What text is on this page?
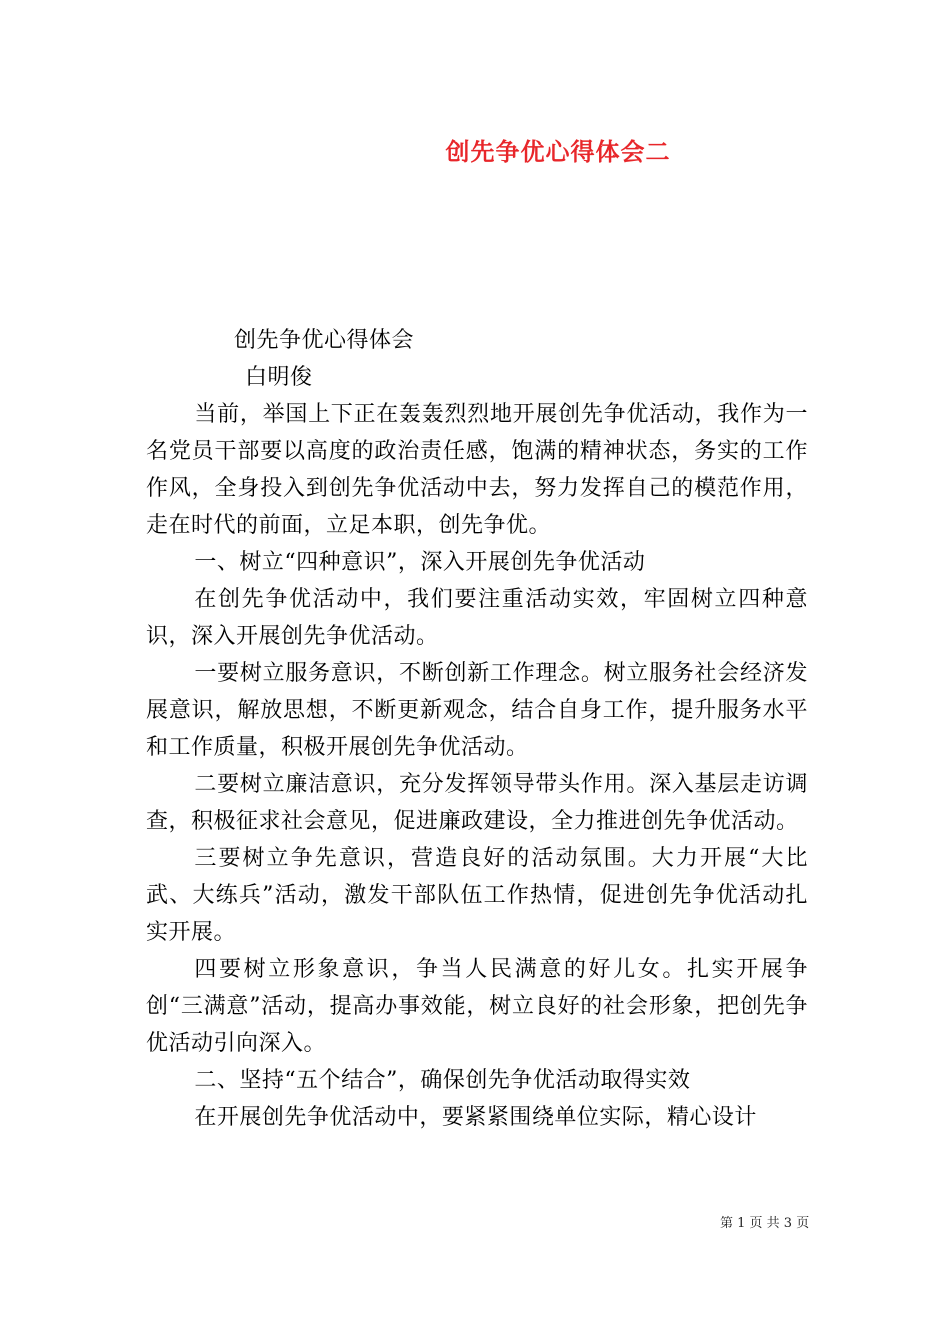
创先争优心得体会二

创先争优心得体会

白明俊

当前，举国上下正在轰轰烈烈地开展创先争优活动，我作为一名党员干部要以高度的政治责任感，饱满的精神状态，务实的工作作风，全身投入到创先争优活动中去，努力发挥自己的模范作用，走在时代的前面，立足本职，创先争优。

一、树立“四种意识”，深入开展创先争优活动

在创先争优活动中，我们要注重活动实效，牢固树立四种意识，深入开展创先争优活动。

一要树立服务意识，不断创新工作理念。树立服务社会经济发展意识，解放思想，不断更新观念，结合自身工作，提升服务水平和工作质量，积极开展创先争优活动。

二要树立廉洁意识，充分发挥领导带头作用。深入基层走访调查，积极征求社会意见，促进廉政建设，全力推进创先争优活动。

三要树立争先意识，营造良好的活动氛围。大力开展“大比武、大练兵”活动，激发干部队伍工作热情，促进创先争优活动扎实开展。

四要树立形象意识，争当人民满意的好儿女。扎实开展争创“三满意”活动，提高办事效能，树立良好的社会形象，把创先争优活动引向深入。

二、坚持“五个结合”，确保创先争优活动取得实效

在开展创先争优活动中，要紧紧围绕单位实际，精心设计

第 1 页 共 3 页
